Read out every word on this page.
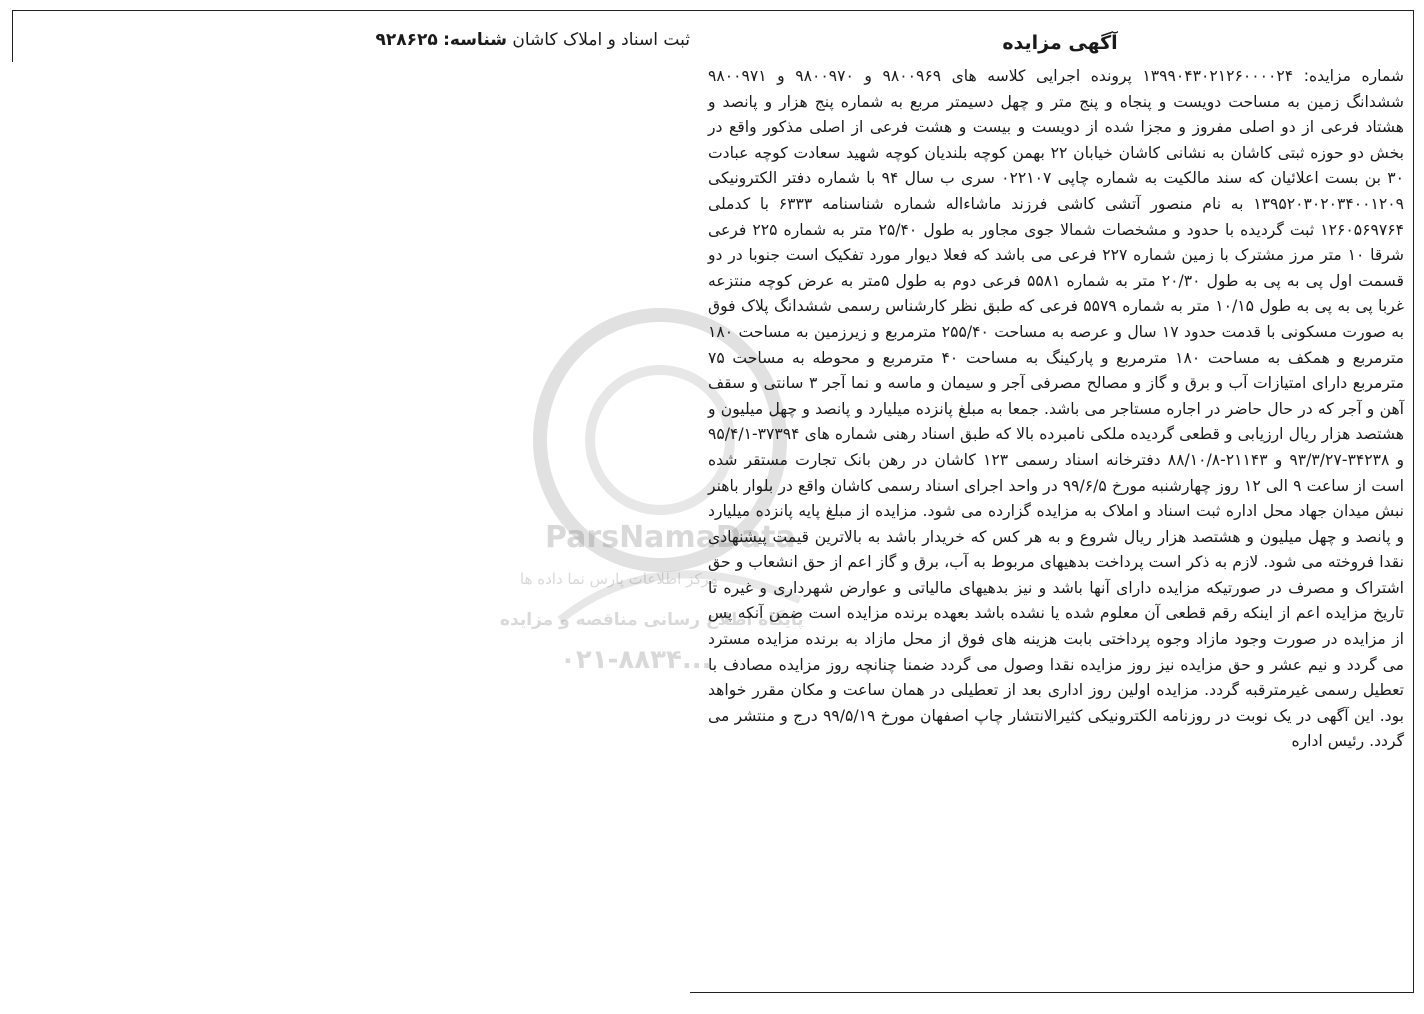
ثبت اسناد و املاک کاشان شناسه: ۹۲۸۶۲۵	آگهی مزایده
ParsNamaData
مرکز اطلاعات پارس نما داده ها
پایگاه اطلاع رسانی مناقصه و مزایده
۰۲۱-۸۸۳۴...
شماره مزایده: ۱۳۹۹۰۴۳۰۲۱۲۶۰۰۰۰۲۴ پرونده اجرایی کلاسه های ۹۸۰۰۹۶۹ و ۹۸۰۰۹۷۰ و ۹۸۰۰۹۷۱ ششدانگ زمین به مساحت دویست و پنجاه و پنج متر و چهل دسیمتر مربع به شماره پنج هزار و پانصد و هشتاد فرعی از دو اصلی مفروز و مجزا شده از دویست و بیست و هشت فرعی از اصلی مذکور واقع در بخش دو حوزه ثبتی کاشان به نشانی کاشان خیابان ۲۲ بهمن کوچه بلندیان کوچه شهید سعادت کوچه عبادت ۳۰ بن بست اعلائیان که سند مالکیت به شماره چاپی ۰۲۲۱۰۷ سری ب سال ۹۴ با شماره دفتر الکترونیکی ۱۳۹۵۲۰۳۰۲۰۳۴۰۰۱۲۰۹ به نام منصور آتشی کاشی فرزند ماشاءاله شماره شناسنامه ۶۳۳۳ با کدملی ۱۲۶۰۵۶۹۷۶۴ ثبت گردیده با حدود و مشخصات شمالا جوی مجاور به طول ۲۵/۴۰ متر به شماره ۲۲۵ فرعی شرقا ۱۰ متر مرز مشترک با زمین شماره ۲۲۷ فرعی می باشد که فعلا دیوار مورد تفکیک است جنوبا در دو قسمت اول پی به پی به طول ۲۰/۳۰ متر به شماره ۵۵۸۱ فرعی دوم به طول ۵متر به عرض کوچه منتزعه غربا پی به پی به طول ۱۰/۱۵ متر به شماره ۵۵۷۹ فرعی که طبق نظر کارشناس رسمی ششدانگ پلاک فوق به صورت مسکونی با قدمت حدود ۱۷ سال و عرصه به مساحت ۲۵۵/۴۰ مترمربع و زیرزمین به مساحت ۱۸۰ مترمربع و همکف به مساحت ۱۸۰ مترمربع و پارکینگ به مساحت ۴۰ مترمربع و محوطه به مساحت ۷۵ مترمربع دارای امتیازات آب و برق و گاز و مصالح مصرفی آجر و سیمان و ماسه و نما آجر ۳ سانتی و سقف آهن و آجر که در حال حاضر در اجاره مستاجر می باشد. جمعا به مبلغ پانزده میلیارد و پانصد و چهل میلیون و هشتصد هزار ریال ارزیابی و قطعی گردیده ملکی نامبرده بالا که طبق اسناد رهنی شماره های ۳۷۳۹۴-۹۵/۴/۱ و ۳۴۲۳۸-۹۳/۳/۲۷ و ۲۱۱۴۳-۸۸/۱۰/۸ دفترخانه اسناد رسمی ۱۲۳ کاشان در رهن بانک تجارت مستقر شده است از ساعت ۹ الی ۱۲ روز چهارشنبه مورخ ۹۹/۶/۵ در واحد اجرای اسناد رسمی کاشان واقع در بلوار باهنر نبش میدان جهاد محل اداره ثبت اسناد و املاک به مزایده گزارده می شود. مزایده از مبلغ پایه پانزده میلیارد و پانصد و چهل میلیون و هشتصد هزار ریال شروع و به هر کس که خریدار باشد به بالاترین قیمت پیشنهادی نقدا فروخته می شود. لازم به ذکر است پرداخت بدهیهای مربوط به آب، برق و گاز اعم از حق انشعاب و حق اشتراک و مصرف در صورتیکه مزایده دارای آنها باشد و نیز بدهیهای مالیاتی و عوارض شهرداری و غیره تا تاریخ مزایده اعم از اینکه رقم قطعی آن معلوم شده یا نشده باشد بعهده برنده مزایده است ضمن آنکه پس از مزایده در صورت وجود مازاد وجوه پرداختی بابت هزینه های فوق از محل مازاد به برنده مزایده مسترد می گردد و نیم عشر و حق مزایده نیز روز مزایده نقدا وصول می گردد ضمنا چنانچه روز مزایده مصادف با تعطیل رسمی غیرمترقبه گردد. مزایده اولین روز اداری بعد از تعطیلی در همان ساعت و مکان مقرر خواهد بود. این آگهی در یک نوبت در روزنامه الکترونیکی کثیرالانتشار چاپ اصفهان مورخ ۹۹/۵/۱۹ درج و منتشر می گردد. رئیس اداره
